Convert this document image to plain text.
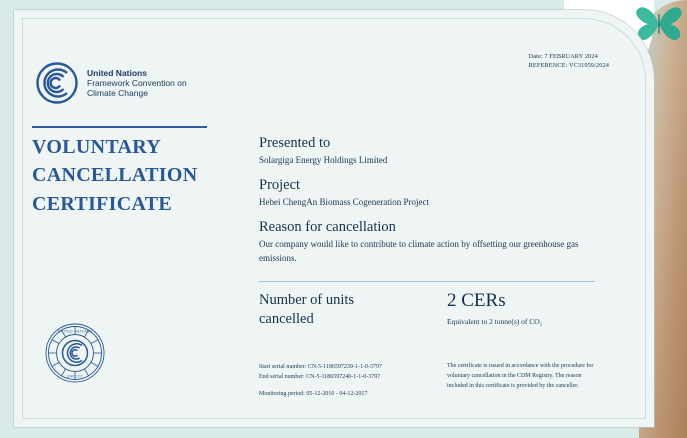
United Nations
Framework Convention on
Climate Change
Date: 7 FEBRUARY 2024
REFERENCE: VC31959/2024
VOLUNTARY
CANCELLATION
CERTIFICATE

Presented to

Solargiga Energy Holdings Limited

Project

Hebei ChengAn Biomass Cogeneration Project

Reason for cancellation

Our company would like to contribute to climate action by offsetting our greenhouse gas emissions.

Number of units cancelled
2 CERs
Equivalent to 2 tonne(s) of CO₂
Start serial number: CN-5-1186597239-1-1-0-3797
End serial number: CN-5-1186597240-1-1-0-3797
Monitoring period: 05-12-2010 - 04-12-2017
The certificate is issued in accordance with the procedure for voluntary cancellation in the CDM Registry. The reason included in this certificate is provided by the canceller.
UNITED NATIONS
UNFCCC
